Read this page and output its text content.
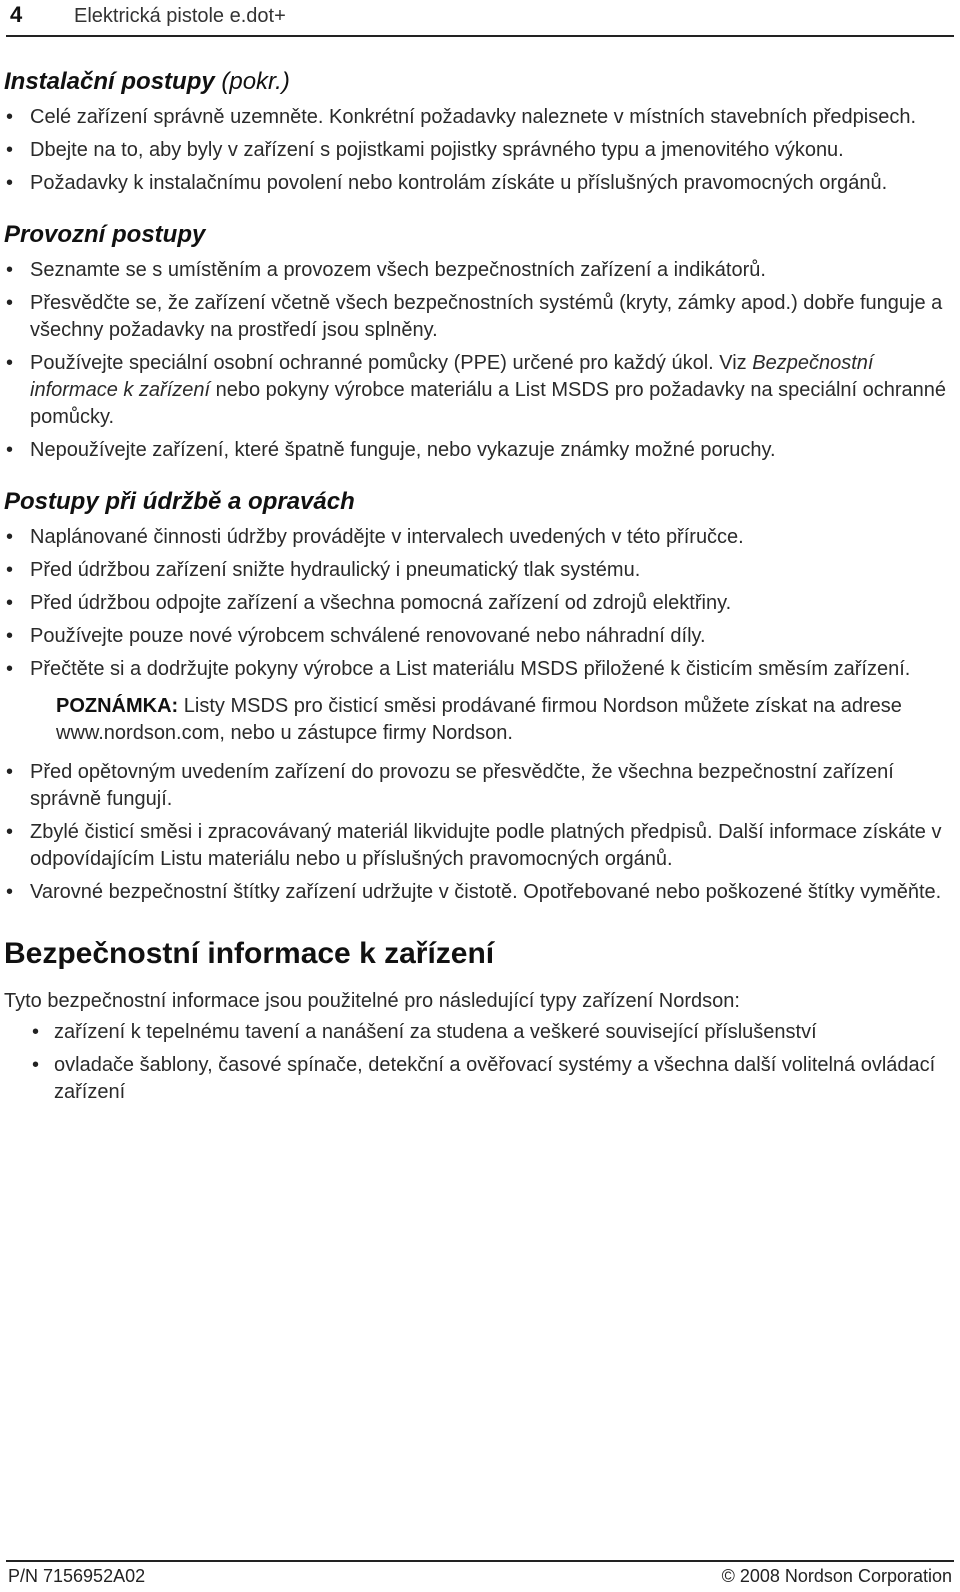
4	Elektrická pistole e.dot+
Instalační postupy (pokr.)
• Celé zařízení správně uzemněte. Konkrétní požadavky naleznete v místních stavebních předpisech.
• Dbejte na to, aby byly v zařízení s pojistkami pojistky správného typu a jmenovitého výkonu.
• Požadavky k instalačnímu povolení nebo kontrolám získáte u příslušných pravomocných orgánů.
Provozní postupy
• Seznamte se s umístěním a provozem všech bezpečnostních zařízení a indikátorů.
• Přesvědčte se, že zařízení včetně všech bezpečnostních systémů (kryty, zámky apod.) dobře funguje a všechny požadavky na prostředí jsou splněny.
• Používejte speciální osobní ochranné pomůcky (PPE) určené pro každý úkol. Viz Bezpečnostní informace k zařízení nebo pokyny výrobce materiálu a List MSDS pro požadavky na speciální ochranné pomůcky.
• Nepoužívejte zařízení, které špatně funguje, nebo vykazuje známky možné poruchy.
Postupy při údržbě a opravách
• Naplánované činnosti údržby provádějte v intervalech uvedených v této příručce.
• Před údržbou zařízení snižte hydraulický i pneumatický tlak systému.
• Před údržbou odpojte zařízení a všechna pomocná zařízení od zdrojů elektřiny.
• Používejte pouze nové výrobcem schválené renovované nebo náhradní díly.
• Přečtěte si a dodržujte pokyny výrobce a List materiálu MSDS přiložené k čisticím směsím zařízení.
POZNÁMKA: Listy MSDS pro čisticí směsi prodávané firmou Nordson můžete získat na adrese www.nordson.com, nebo u zástupce firmy Nordson.
• Před opětovným uvedením zařízení do provozu se přesvědčte, že všechna bezpečnostní zařízení správně fungují.
• Zbylé čisticí směsi i zpracovávaný materiál likvidujte podle platných předpisů. Další informace získáte v odpovídajícím Listu materiálu nebo u příslušných pravomocných orgánů.
• Varovné bezpečnostní štítky zařízení udržujte v čistotě. Opotřebované nebo poškozené štítky vyměňte.
Bezpečnostní informace k zařízení
Tyto bezpečnostní informace jsou použitelné pro následující typy zařízení Nordson:
• zařízení k tepelnému tavení a nanášení za studena a veškeré související příslušenství
• ovladače šablony, časové spínače, detekční a ověřovací systémy a všechna další volitelná ovládací zařízení
P/N 7156952A02	© 2008 Nordson Corporation
